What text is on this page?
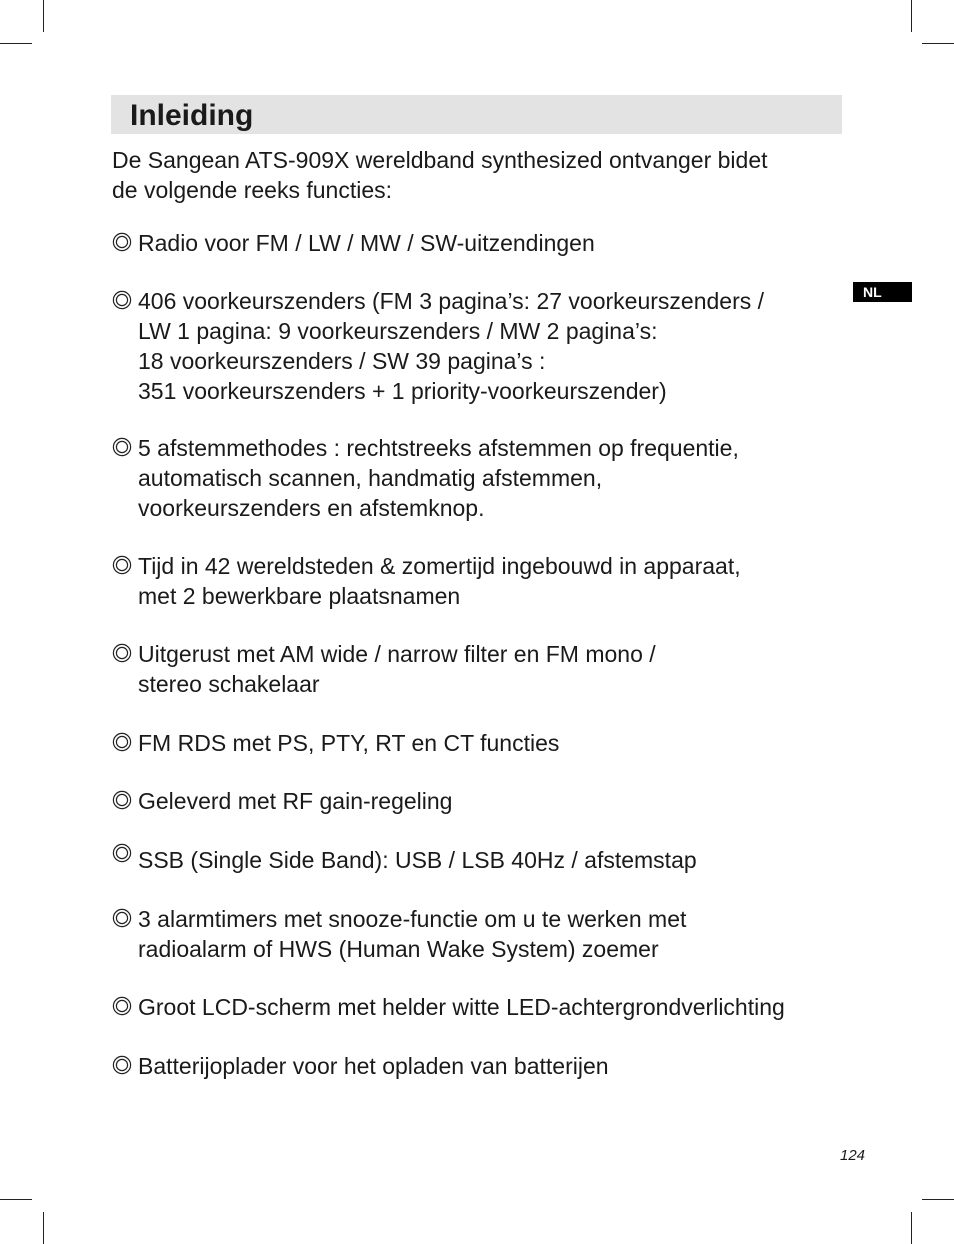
Inleiding
NL
De Sangean ATS-909X wereldband synthesized ontvanger bidet
de volgende reeks functies:
Radio voor FM / LW / MW / SW-uitzendingen
406 voorkeurszenders (FM 3 pagina’s: 27 voorkeurszenders /
LW 1 pagina: 9 voorkeurszenders / MW 2 pagina’s:
18 voorkeurszenders / SW 39 pagina’s :
351 voorkeurszenders + 1 priority-voorkeurszender)
5 afstemmethodes : rechtstreeks afstemmen op frequentie,
automatisch scannen, handmatig afstemmen,
voorkeurszenders en afstemknop.
Tijd in 42 wereldsteden & zomertijd ingebouwd in apparaat,
met 2 bewerkbare plaatsnamen
Uitgerust met AM wide / narrow filter en FM mono /
stereo schakelaar
FM RDS met PS, PTY, RT en CT functies
Geleverd met RF gain-regeling
SSB (Single Side Band): USB / LSB 40Hz / afstemstap
3 alarmtimers met snooze-functie om u te werken met
radioalarm of HWS (Human Wake System) zoemer
Groot LCD-scherm met helder witte LED-achtergrondverlichting
Batterijoplader voor het opladen van batterijen
124
